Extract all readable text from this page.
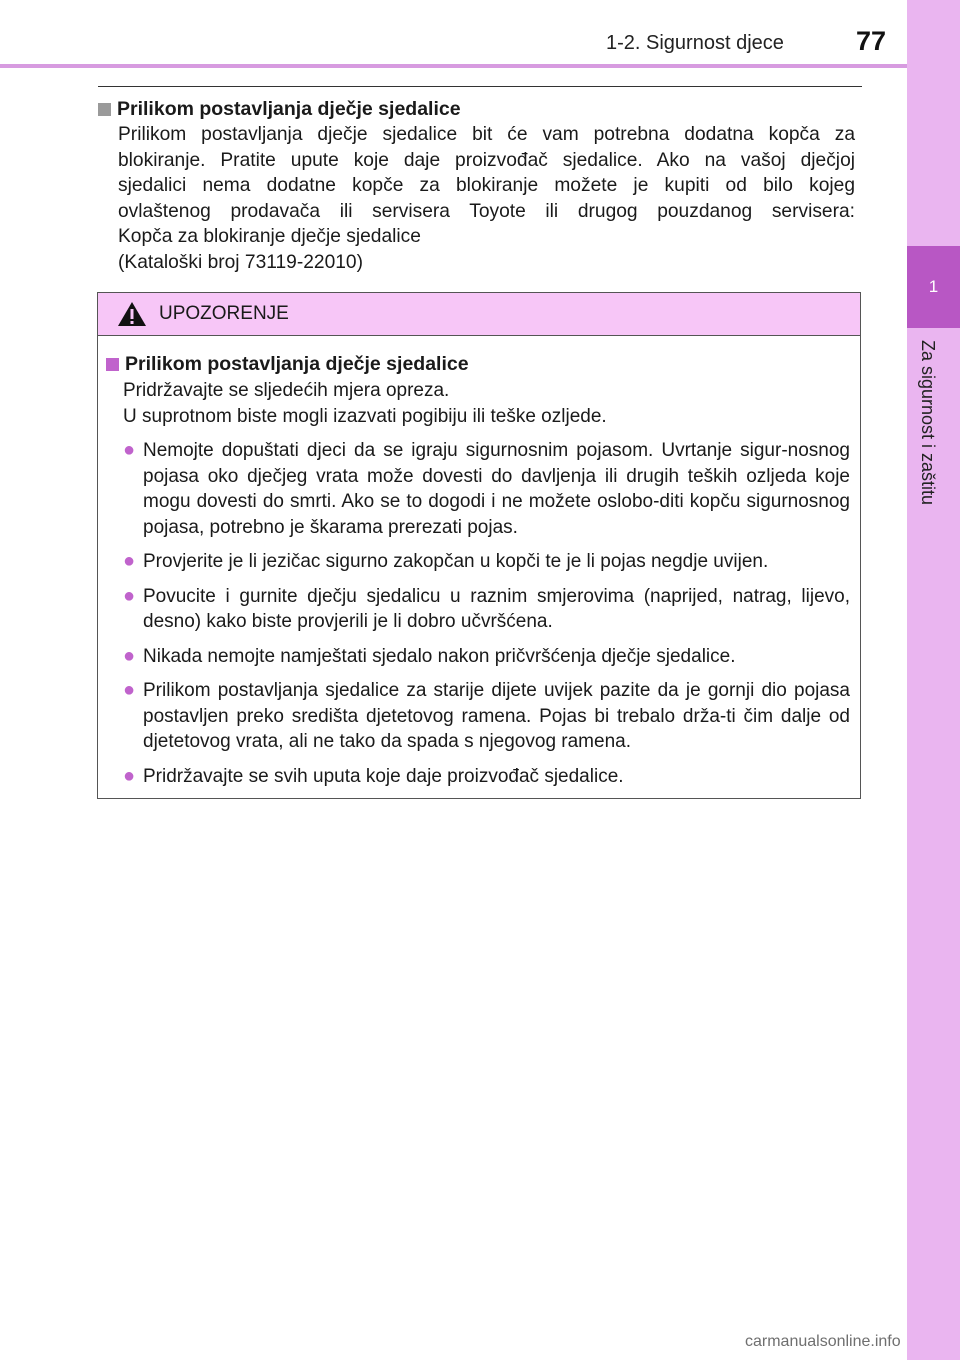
1-2. Sigurnost djece	77
1
Za sigurnost i zaštitu
Prilikom postavljanja dječje sjedalice
Prilikom postavljanja dječje sjedalice bit će vam potrebna dodatna kopča za
blokiranje. Pratite upute koje daje proizvođač sjedalice. Ako na vašoj dječjoj
sjedalici nema dodatne kopče za blokiranje možete je kupiti od bilo kojeg
ovlaštenog prodavača ili servisera Toyote ili drugog pouzdanog servisera:
Kopča za blokiranje dječje sjedalice
(Kataloški broj 73119-22010)
UPOZORENJE
Prilikom postavljanja dječje sjedalice
Pridržavajte se sljedećih mjera opreza.
U suprotnom biste mogli izazvati pogibiju ili teške ozljede.
● Nemojte dopuštati djeci da se igraju sigurnosnim pojasom. Uvrtanje sigur-nosnog pojasa oko dječjeg vrata može dovesti do davljenja ili drugih teških ozljeda koje mogu dovesti do smrti. Ako se to dogodi i ne možete oslobo-diti kopču sigurnosnog pojasa, potrebno je škarama prerezati pojas.
● Provjerite je li jezičac sigurno zakopčan u kopči te je li pojas negdje uvijen.
● Povucite i gurnite dječju sjedalicu u raznim smjerovima (naprijed, natrag, lijevo, desno) kako biste provjerili je li dobro učvršćena.
● Nikada nemojte namještati sjedalo nakon pričvršćenja dječje sjedalice.
● Prilikom postavljanja sjedalice za starije dijete uvijek pazite da je gornji dio pojasa postavljen preko središta djetetovog ramena. Pojas bi trebalo drža-ti čim dalje od djetetovog vrata, ali ne tako da spada s njegovog ramena.
● Pridržavajte se svih uputa koje daje proizvođač sjedalice.
carmanualsonline.info
